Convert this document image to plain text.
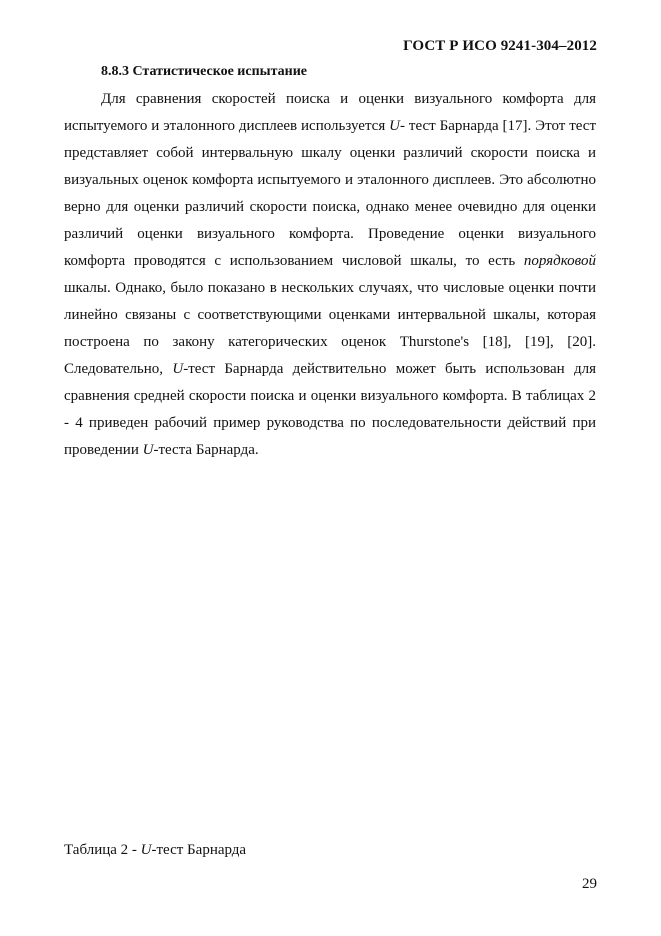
ГОСТ Р ИСО 9241-304–2012
8.8.3 Статистическое испытание

Для сравнения скоростей поиска и оценки визуального комфорта для испытуемого и эталонного дисплеев используется U- тест Барнарда [17]. Этот тест представляет собой интервальную шкалу оценки различий скорости поиска и визуальных оценок комфорта испытуемого и эталонного дисплеев. Это абсолютно верно для оценки различий скорости поиска, однако менее очевидно для оценки различий оценки визуального комфорта. Проведение оценки визуального комфорта проводятся с использованием числовой шкалы, то есть порядковой шкалы. Однако, было показано в нескольких случаях, что числовые оценки почти линейно связаны с соответствующими оценками интервальной шкалы, которая построена по закону категорических оценок Thurstone's [18], [19], [20]. Следовательно, U-тест Барнарда действительно может быть использован для сравнения средней скорости поиска и оценки визуального комфорта. В таблицах 2 - 4 приведен рабочий пример руководства по последовательности действий при проведении U-теста Барнарда.

Таблица 2 - U-тест Барнарда
29
